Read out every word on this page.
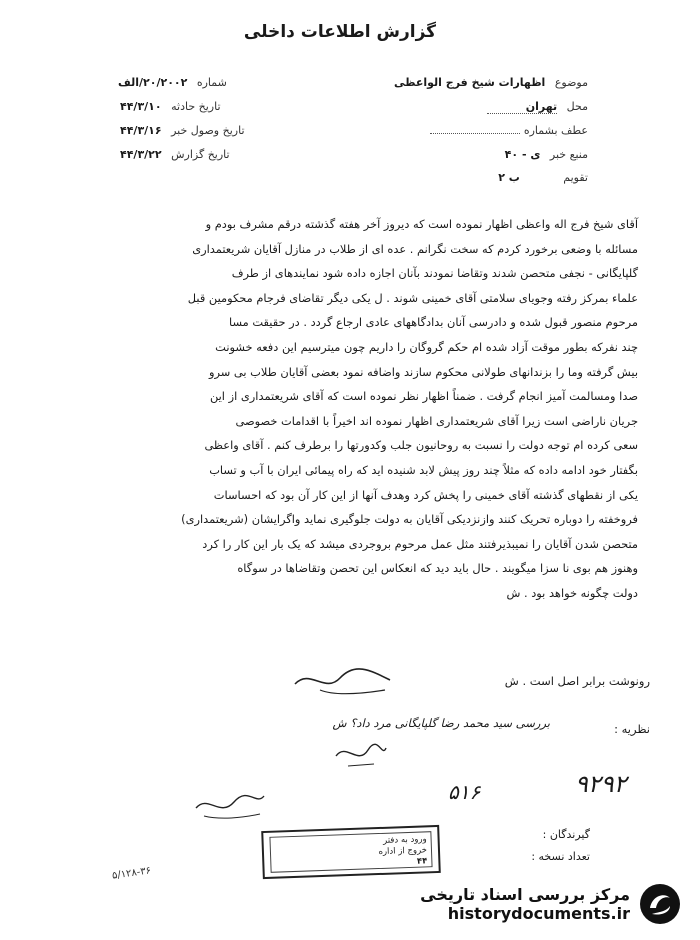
گزارش اطلاعات داخلی
موضوع اظهارات شیخ فرج الواعظی
محل تهران
عطف بشماره
منبع خبر ی - ۴۰
تقویم ب ۲
شماره ۲۰/۲۰۰۲/الف
تاریخ حادثه ۴۴/۳/۱۰
تاریخ وصول خبر ۴۴/۳/۱۶
تاریخ گزارش ۴۴/۳/۲۲

آقای شیخ فرج اله واعظی اظهار نموده است که دیروز آخر هفته گذشته درقم مشرف بودم و

مسائله با وضعی برخورد کردم که سخت نگرانم . عده ای از طلاب در منازل آقایان شریعتمداری

گلپایگانی - نجفی متحصن شدند وتقاضا نمودند بآنان اجازه داده شود نمایندهای از طرف

علماء بمرکز رفته وجویای سلامتی آقای خمینی شوند . ل یکی دیگر تقاضای فرجام محکومین قبل

مرحوم منصور قبول شده و دادرسی آنان بدادگاههای عادی ارجاع گردد . در حقیقت مسا

چند نفرکه بطور موقت آزاد شده ام حکم گروگان را داریم چون میترسیم این دفعه خشونت

بیش گرفته وما را بزندانهای طولانی محکوم سازند واضافه نمود بعضی آقایان طلاب بی سرو

صدا ومسالمت آمیز انجام گرفت . ضمناً اظهار نظر نموده است که آقای شریعتمداری از این

جریان ناراضی است زیرا آقای شریعتمداری اظهار نموده اند اخیراً با اقدامات خصوصی

سعی کرده ام توجه دولت را نسبت به روحانیون جلب وکدورتها را برطرف کنم . آقای واعظی

بگفتار خود ادامه داده که مثلاً چند روز پیش لابد شنیده اید که راه پیمائی ایران با آب و تساب

یکی از نقطهای گذشته آقای خمینی را پخش کرد وهدف آنها از این کار آن بود که احساسات

فروخفته را دوباره تحریک کنند وازنزدیکی آقایان به دولت جلوگیری نماید واگرایشان (شریعتمداری)

متحصن شدن آقایان را نمیبذیرفتند مثل عمل مرحوم بروجردی میشد که یک بار این کار را کرد

وهنوز هم بوی نا سزا میگویند . حال باید دید که انعکاس این تحصن وتقاضاها در سوگاه

دولت چگونه خواهد بود . ش

رونوشت برابر اصل است . ش
نظریه :
بررسی سید محمد رضا گلپایگانی مرد داد؟ ش
۹۲۹۲
۵۱۶
۵/۱۲۸-۳۶
گیرندگان :
تعداد نسخه :
ورود به دفتر
خروج از اداره
۴۴
مرکز بررسی اسناد تاریخی
historydocuments.ir
